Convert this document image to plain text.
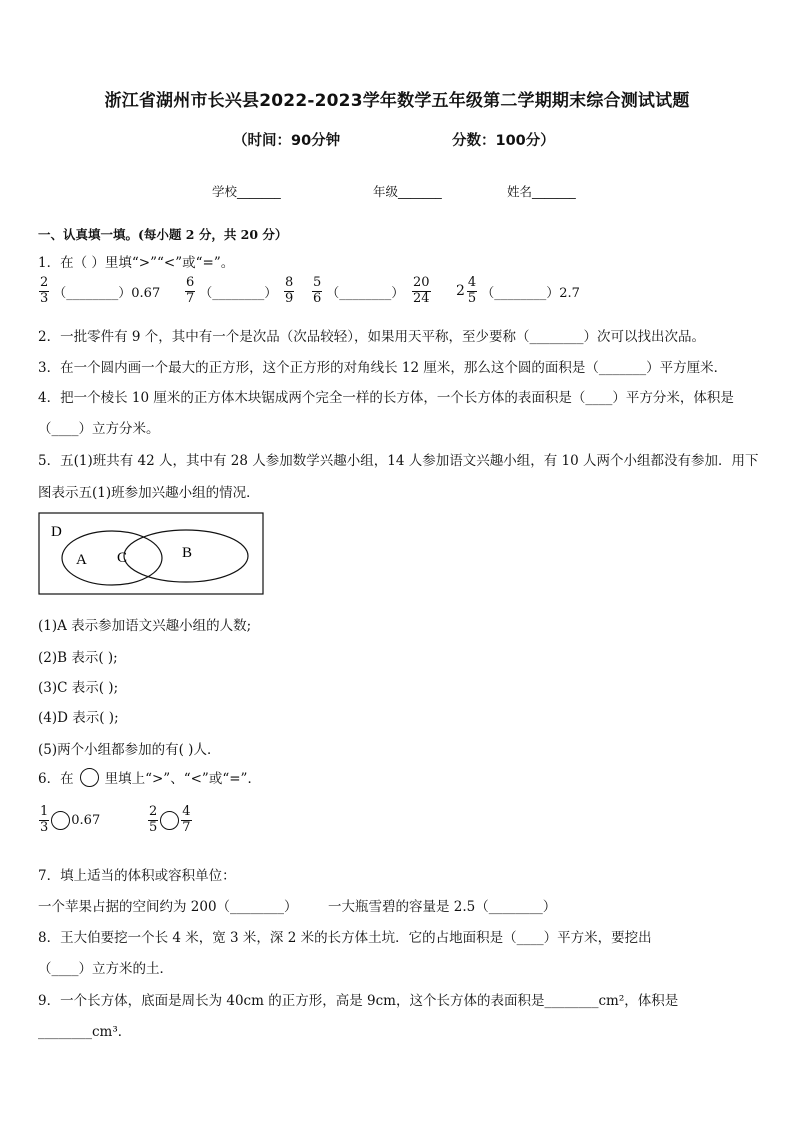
浙江省湖州市长兴县2022-2023学年数学五年级第二学期期末综合测试试题
（时间：90分钟	分数：100分）
学校_______	年级_______	姓名_______
一、认真填一填。(每小题 2 分，共 20 分）
1．在（ ）里填“>”“<”或“=”。
$\frac{2}{3}$ （________）0.67 $\frac{6}{7}$ （________） $\frac{8}{9} \frac{5}{6}$ （________） $\frac{20}{24} 2 \frac{4}{5}$ （________）2.7
2．一批零件有 9 个，其中有一个是次品（次品较轻），如果用天平称，至少要称（________）次可以找出次品。
3．在一个圆内画一个最大的正方形，这个正方形的对角线长 12 厘米，那么这个圆的面积是（_______）平方厘米．
4．把一个棱长 10 厘米的正方体木块锯成两个完全一样的长方体，一个长方体的表面积是（____）平方分米，体积是
（____）立方分米。
5．五(1)班共有 42 人，其中有 28 人参加数学兴趣小组，14 人参加语文兴趣小组，有 10 人两个小组都没有参加．用下
图表示五(1)班参加兴趣小组的情况．
D
A C	B
(1)A 表示参加语文兴趣小组的人数;
(2)B 表示( );
(3)C 表示( );
(4)D 表示( );
(5)两个小组都参加的有( )人．
6．在 里填上“>”、“<”或“=”．
$\frac{1}{3} 0.67$	$\frac{2}{5} \frac{4}{7}$
7．填上适当的体积或容积单位：
一个苹果占据的空间约为 200（________） 一大瓶雪碧的容量是 2.5（________）
8．王大伯要挖一个长 4 米，宽 3 米，深 2 米的长方体土坑．它的占地面积是（____）平方米，要挖出
（____）立方米的土．
9．一个长方体，底面是周长为 40cm 的正方形，高是 9cm，这个长方体的表面积是________cm²，体积是
________cm³．
